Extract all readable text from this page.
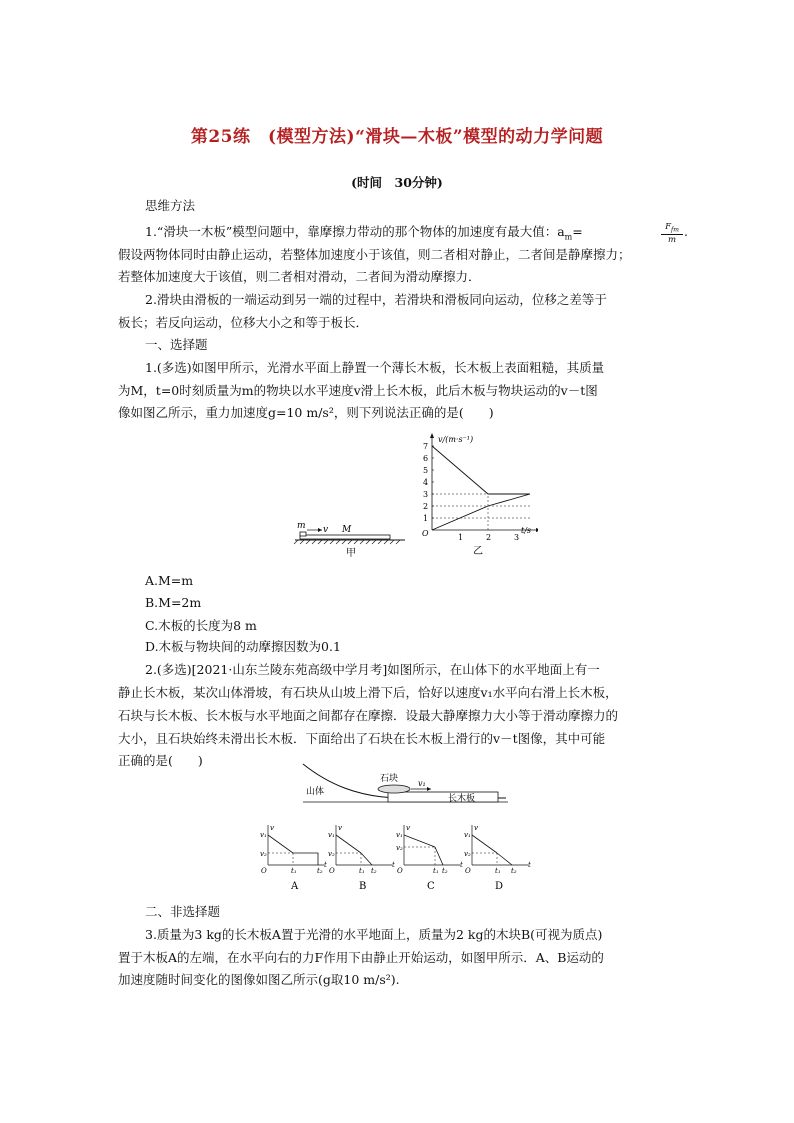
第25练　(模型方法)“滑块—木板”模型的动力学问题
(时间　30分钟)
思维方法
1.“滑块一木板”模型问题中，靠摩擦力带动的那个物体的加速度有最大值：$a_m=$	$F_{fm}$
m
.
假设两物体同时由静止运动，若整体加速度小于该值，则二者相对静止，二者间是静摩擦力；
若整体加速度大于该值，则二者相对滑动，二者间为滑动摩擦力．
2.滑块由滑板的一端运动到另一端的过程中，若滑块和滑板同向运动，位移之差等于
板长；若反向运动，位移大小之和等于板长．
一、选择题
1.(多选)如图甲所示，光滑水平面上静置一个薄长木板，长木板上表面粗糙，其质量
为M，t=0时刻质量为m的物块以水平速度v滑上长木板，此后木板与物块运动的v－t图
像如图乙所示，重力加速度g=10 m/s²，则下列说法正确的是(　　)
m v M
甲
1
2
3
4
5
6
7
1	2	3
v/(m·s⁻¹)
t/s
O
乙
A.M=m
B.M=2m
C.木板的长度为8 m
D.木板与物块间的动摩擦因数为0.1
2.(多选)[2021·山东兰陵东苑高级中学月考]如图所示，在山体下的水平地面上有一
静止长木板，某次山体滑坡，有石块从山坡上滑下后，恰好以速度v₁水平向右滑上长木板，
石块与长木板、长木板与水平地面之间都存在摩擦．设最大静摩擦力大小等于滑动摩擦力的
大小，且石块始终未滑出长木板．下面给出了石块在长木板上滑行的v－t图像，其中可能
正确的是(　　)
山体
石块 v₁
长木板
v₁
v
v₂
O	t₁	t₂
t
A
v₁
v
v₂
O	t₁ t₂
t
B
v₁
v
v₂
O	t₁ t₂
t
C
v₁
v
v₂
O	t₁ t₂
t
D
二、非选择题
3.质量为3 kg的长木板A置于光滑的水平地面上，质量为2 kg的木块B(可视为质点)
置于木板A的左端，在水平向右的力F作用下由静止开始运动，如图甲所示．A、B运动的
加速度随时间变化的图像如图乙所示(g取10 m/s²).
